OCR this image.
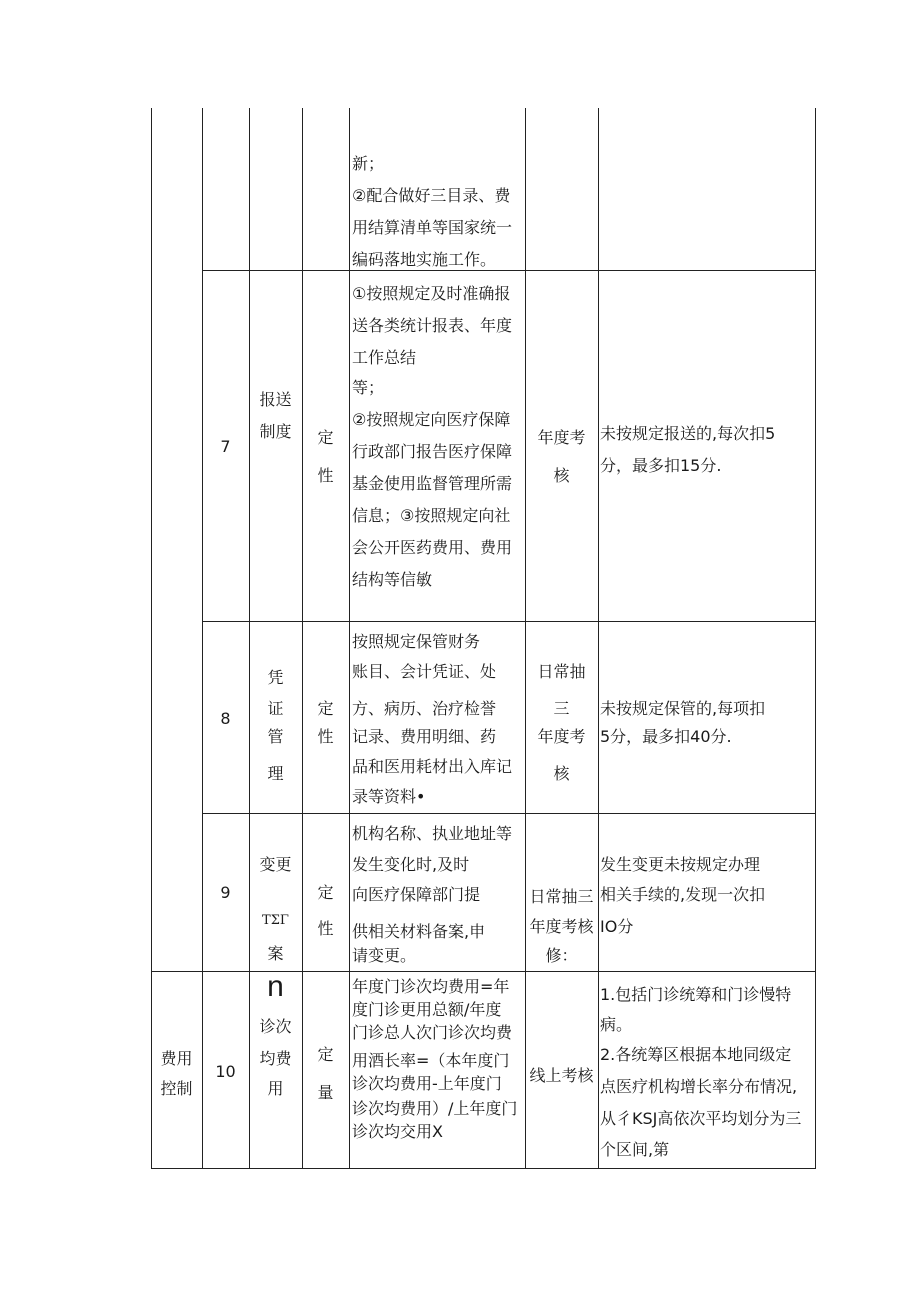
新；
②配合做好三目录、费
用结算清单等国家统一
编码落地实施工作。
7
报送
制度	定
性
①按照规定及时准确报
送各类统计报表、年度
工作总结
等；
②按照规定向医疗保障
行政部门报告医疗保障
基金使用监督管理所需
信息；③按照规定向社
会公开医药费用、费用
结构等信敏
年度考
核
未按规定报送的,每次扣5
分，最多扣15分.
8
凭
证
管
理
定
性
按照规定保管财务
账目、会计凭证、处
方、病历、治疗检誉
记录、费用明细、药
品和医用耗材出入库记
录等资料•
日常抽
三
年度考
核
未按规定保管的,每项扣
5分，最多扣40分.
9
变更
ΤΣΓ
案
定
性
机构名称、执业地址等
发生变化时,及时
向医疗保障部门提
供相关材料备案,申
请变更。
日常抽三
年度考核
修：
发生变更未按规定办理
相关手续的,发现一次扣
IO分
费用
控制
10
n
诊次
均费
用
定
量
年度门诊次均费用=年
度门诊更用总额/年度
门诊总人次门诊次均费
用酒长率=（本年度门
诊次均费用-上年度门
诊次均费用）/上年度门
诊次均交用X
线上考核
1.包括门诊统筹和门诊慢特
病。
2.各统筹区根据本地同级定
点医疗机构增长率分布情况,
从彳KSJ高依次平均划分为三
个区间,第
